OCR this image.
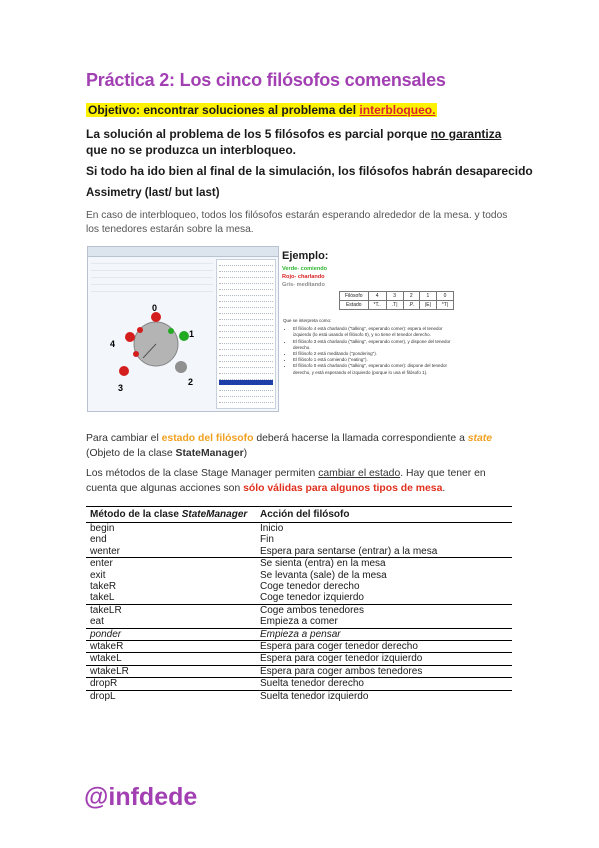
Práctica 2: Los cinco filósofos comensales
Objetivo: encontrar soluciones al problema del interbloqueo.
La solución al problema de los 5 filósofos es parcial porque no garantiza que no se produzca un interbloqueo.
Si todo ha ido bien al final de la simulación, los filósofos habrán desaparecido
Assimetry (last/ but last)
En caso de interbloqueo, todos los filósofos estarán esperando alrededor de la mesa. y todos los tenedores estarán sobre la mesa.
0
1
2
3
4
Ejemplo:
Verde- comiendo
Rojo- charlando
Gris- meditando
Filósofo	4	3	2	1	0
Estado	*T..	.T|	.P.	|E|	*T|
Que se interpreta como:
• El filósofo 4 está charlando ("talking", esperando comer): espera el tenedor izquierdo (lo está usando el filósofo 0), y no tiene el tenedor derecho.
• El filósofo 3 está charlando ("talking", esperando comer), y dispone del tenedor derecho.
• El filósofo 2 está meditando ("pondering").
• El filósofo 1 está comiendo ("eating").
• El filósofo 0 está charlando ("talking", esperando comer): dispone del tenedor derecho, y está esperando el izquierdo (porque lo usa el filósofo 1).
Para cambiar el estado del filósofo deberá hacerse la llamada correspondiente a state
(Objeto de la clase StateManager)
Los métodos de la clase Stage Manager permiten cambiar el estado. Hay que tener en cuenta que algunas acciones son sólo válidas para algunos tipos de mesa.
Método de la clase StateManager	Acción del filósofo
begin	Inicio
end	Fin
wenter	Espera para sentarse (entrar) a la mesa
enter	Se sienta (entra) en la mesa
exit	Se levanta (sale) de la mesa
takeR	Coge tenedor derecho
takeL	Coge tenedor izquierdo
takeLR	Coge ambos tenedores
eat	Empieza a comer
ponder	Empieza a pensar
wtakeR	Espera para coger tenedor derecho
wtakeL	Espera para coger tenedor izquierdo
wtakeLR	Espera para coger ambos tenedores
dropR	Suelta tenedor derecho
dropL	Suelta tenedor izquierdo
@infdede
